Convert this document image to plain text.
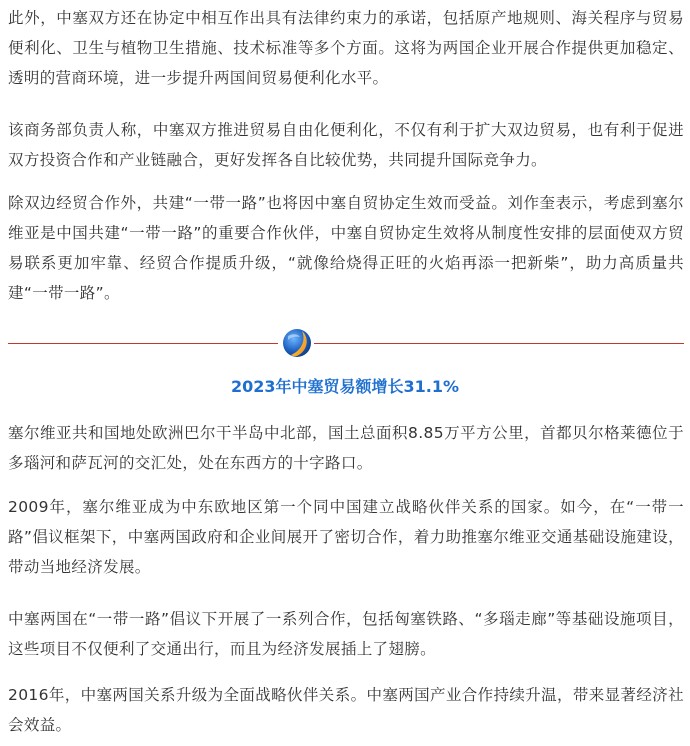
此外，中塞双方还在协定中相互作出具有法律约束力的承诺，包括原产地规则、海关程序与贸易便利化、卫生与植物卫生措施、技术标准等多个方面。这将为两国企业开展合作提供更加稳定、透明的营商环境，进一步提升两国间贸易便利化水平。

该商务部负责人称，中塞双方推进贸易自由化便利化，不仅有利于扩大双边贸易，也有利于促进双方投资合作和产业链融合，更好发挥各自比较优势，共同提升国际竞争力。

除双边经贸合作外，共建“一带一路”也将因中塞自贸协定生效而受益。刘作奎表示，考虑到塞尔维亚是中国共建“一带一路”的重要合作伙伴，中塞自贸协定生效将从制度性安排的层面使双方贸易联系更加牢靠、经贸合作提质升级，“就像给烧得正旺的火焰再添一把新柴”，助力高质量共建“一带一路”。

2023年中塞贸易额增长31.1%

塞尔维亚共和国地处欧洲巴尔干半岛中北部，国土总面积8.85万平方公里，首都贝尔格莱德位于多瑙河和萨瓦河的交汇处，处在东西方的十字路口。

2009年，塞尔维亚成为中东欧地区第一个同中国建立战略伙伴关系的国家。如今，在“一带一路”倡议框架下，中塞两国政府和企业间展开了密切合作，着力助推塞尔维亚交通基础设施建设，带动当地经济发展。

中塞两国在“一带一路”倡议下开展了一系列合作，包括匈塞铁路、“多瑙走廊”等基础设施项目，这些项目不仅便利了交通出行，而且为经济发展插上了翅膀。

2016年，中塞两国关系升级为全面战略伙伴关系。中塞两国产业合作持续升温，带来显著经济社会效益。
